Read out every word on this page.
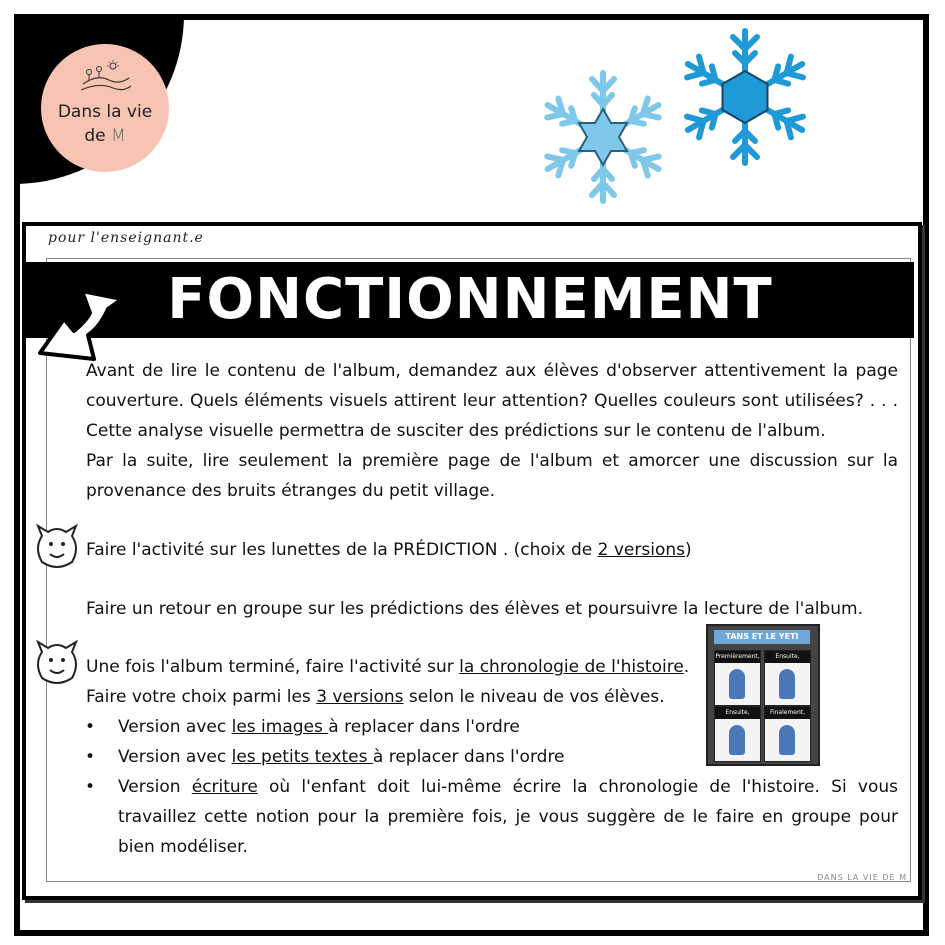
Dans la vie
de M
pour l'enseignant.e
FONCTIONNEMENT
Avant de lire le contenu de l'album, demandez aux élèves d'observer attentivement la page
couverture. Quels éléments visuels attirent leur attention? Quelles couleurs sont utilisées? . . .
Cette analyse visuelle permettra de susciter des prédictions sur le contenu de l'album.
Par la suite, lire seulement la première page de l'album et amorcer une discussion sur la
provenance des bruits étranges du petit village.
Faire l'activité sur les lunettes de la PRÉDICTION . (choix de 2 versions)
Faire un retour en groupe sur les prédictions des élèves et poursuivre la lecture de l'album.
Une fois l'album terminé, faire l'activité sur la chronologie de l'histoire.
Faire votre choix parmi les 3 versions selon le niveau de vos élèves.
• Version avec les images à replacer dans l'ordre
• Version avec les petits textes à replacer dans l'ordre
• Version écriture où l'enfant doit lui-même écrire la chronologie de l'histoire. Si vous
travaillez cette notion pour la première fois, je vous suggère de le faire en groupe pour
bien modéliser.
TANS ET LE YETI
Premièrement,	Ensuite,
Ensuite,	Finalement,
DANS LA VIE DE M
